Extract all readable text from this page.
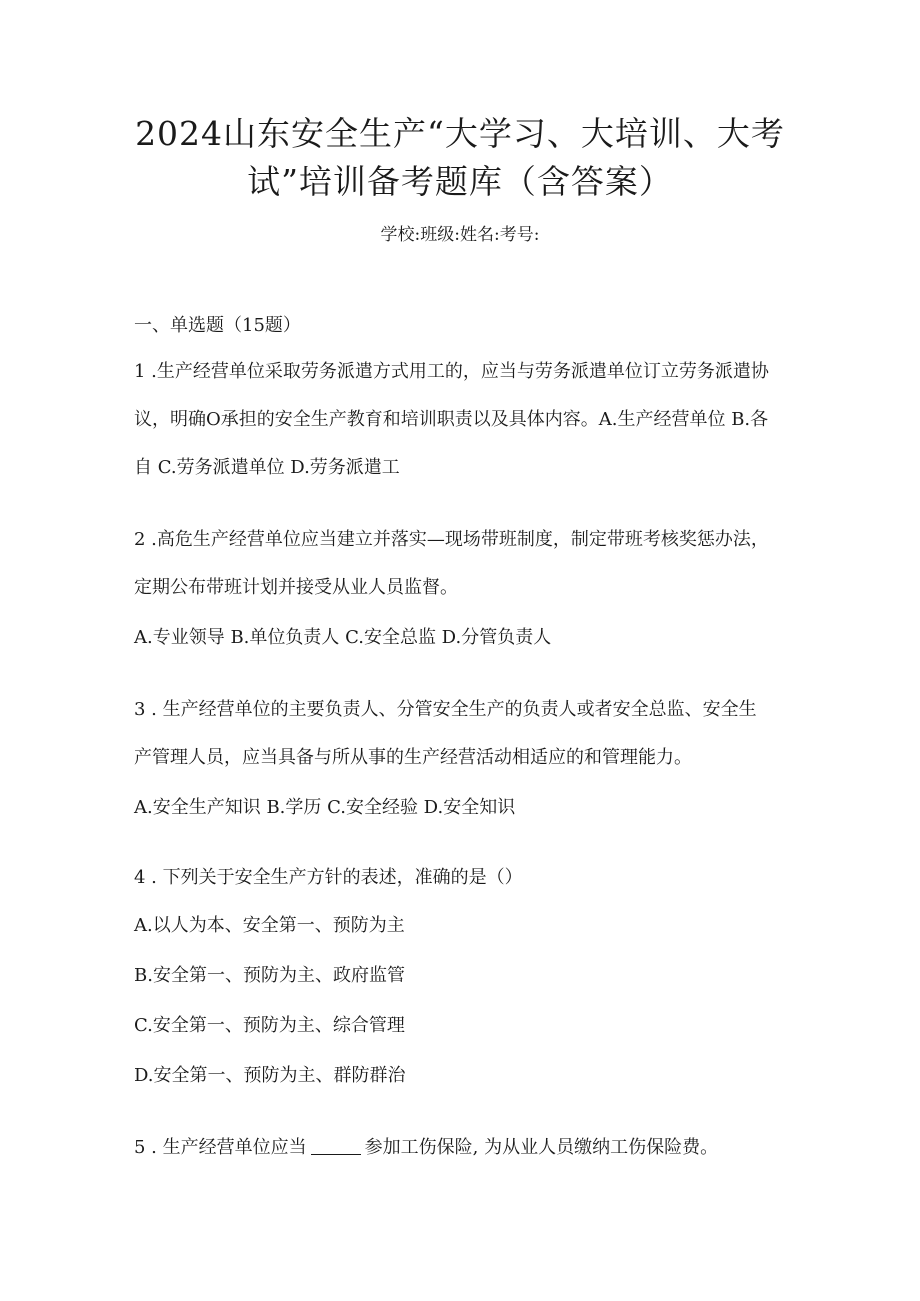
2024山东安全生产“大学习、大培训、大考
试”培训备考题库（含答案）
学校:班级:姓名:考号:
一、单选题（15题）
1 .生产经营单位采取劳务派遣方式用工的，应当与劳务派遣单位订立劳务派遣协
议，明确O承担的安全生产教育和培训职责以及具体内容。A.生产经营单位 B.各
自 C.劳务派遣单位 D.劳务派遣工
2 .高危生产经营单位应当建立并落实—现场带班制度，制定带班考核奖惩办法，
定期公布带班计划并接受从业人员监督。
A.专业领导 B.单位负责人 C.安全总监 D.分管负责人
3 . 生产经营单位的主要负责人、分管安全生产的负责人或者安全总监、安全生
产管理人员，应当具备与所从事的生产经营活动相适应的和管理能力。
A.安全生产知识 B.学历 C.安全经验 D.安全知识
4 . 下列关于安全生产方针的表述，准确的是（）
A.以人为本、安全第一、预防为主
B.安全第一、预防为主、政府监管
C.安全第一、预防为主、综合管理
D.安全第一、预防为主、群防群治
5 . 生产经营单位应当	参加工伤保险, 为从业人员缴纳工伤保险费。
